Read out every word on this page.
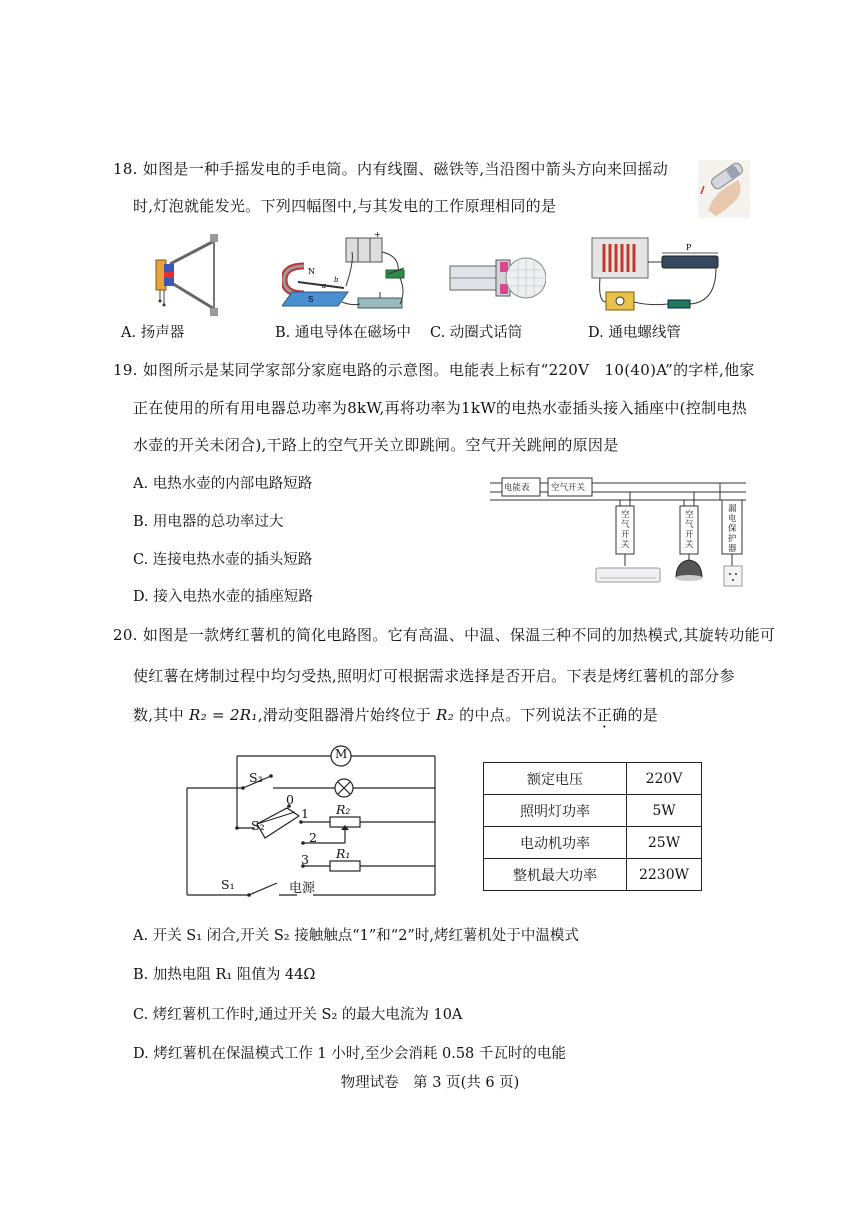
18. 如图是一种手摇发电的手电筒。内有线圈、磁铁等,当沿图中箭头方向来回摇动
时,灯泡就能发光。下列四幅图中,与其发电的工作原理相同的是
+
N
S
a
b
P
A. 扬声器	B. 通电导体在磁场中 C. 动圈式话筒	D. 通电螺线管
19. 如图所示是某同学家部分家庭电路的示意图。电能表上标有“220V　10(40)A”的字样,他家
正在使用的所有用电器总功率为8kW,再将功率为1kW的电热水壶插头接入插座中(控制电热
水壶的开关未闭合),干路上的空气开关立即跳闸。空气开关跳闸的原因是
A. 电热水壶的内部电路短路
B. 用电器的总功率过大
C. 连接电热水壶的插头短路
D. 接入电热水壶的插座短路
电能表	空气开关
空气开关
空气开关
漏电保护器
20. 如图是一款烤红薯机的简化电路图。它有高温、中温、保温三种不同的加热模式,其旋转功能可
使红薯在烤制过程中均匀受热,照明灯可根据需求选择是否开启。下表是烤红薯机的部分参
数,其中 R₂ = 2R₁,滑动变阻器滑片始终位于 R₂ 的中点。下列说法不正确的是
M
S₃
S₂
0
1
2
3
R₂
R₁
S₁	电源
额定电压	220V
照明灯功率	5W
电动机功率	25W
整机最大功率	2230W
A. 开关 S₁ 闭合,开关 S₂ 接触触点“1”和“2”时,烤红薯机处于中温模式
B. 加热电阻 R₁ 阻值为 44Ω
C. 烤红薯机工作时,通过开关 S₂ 的最大电流为 10A
D. 烤红薯机在保温模式工作 1 小时,至少会消耗 0.58 千瓦时的电能
物理试卷　第 3 页(共 6 页)
